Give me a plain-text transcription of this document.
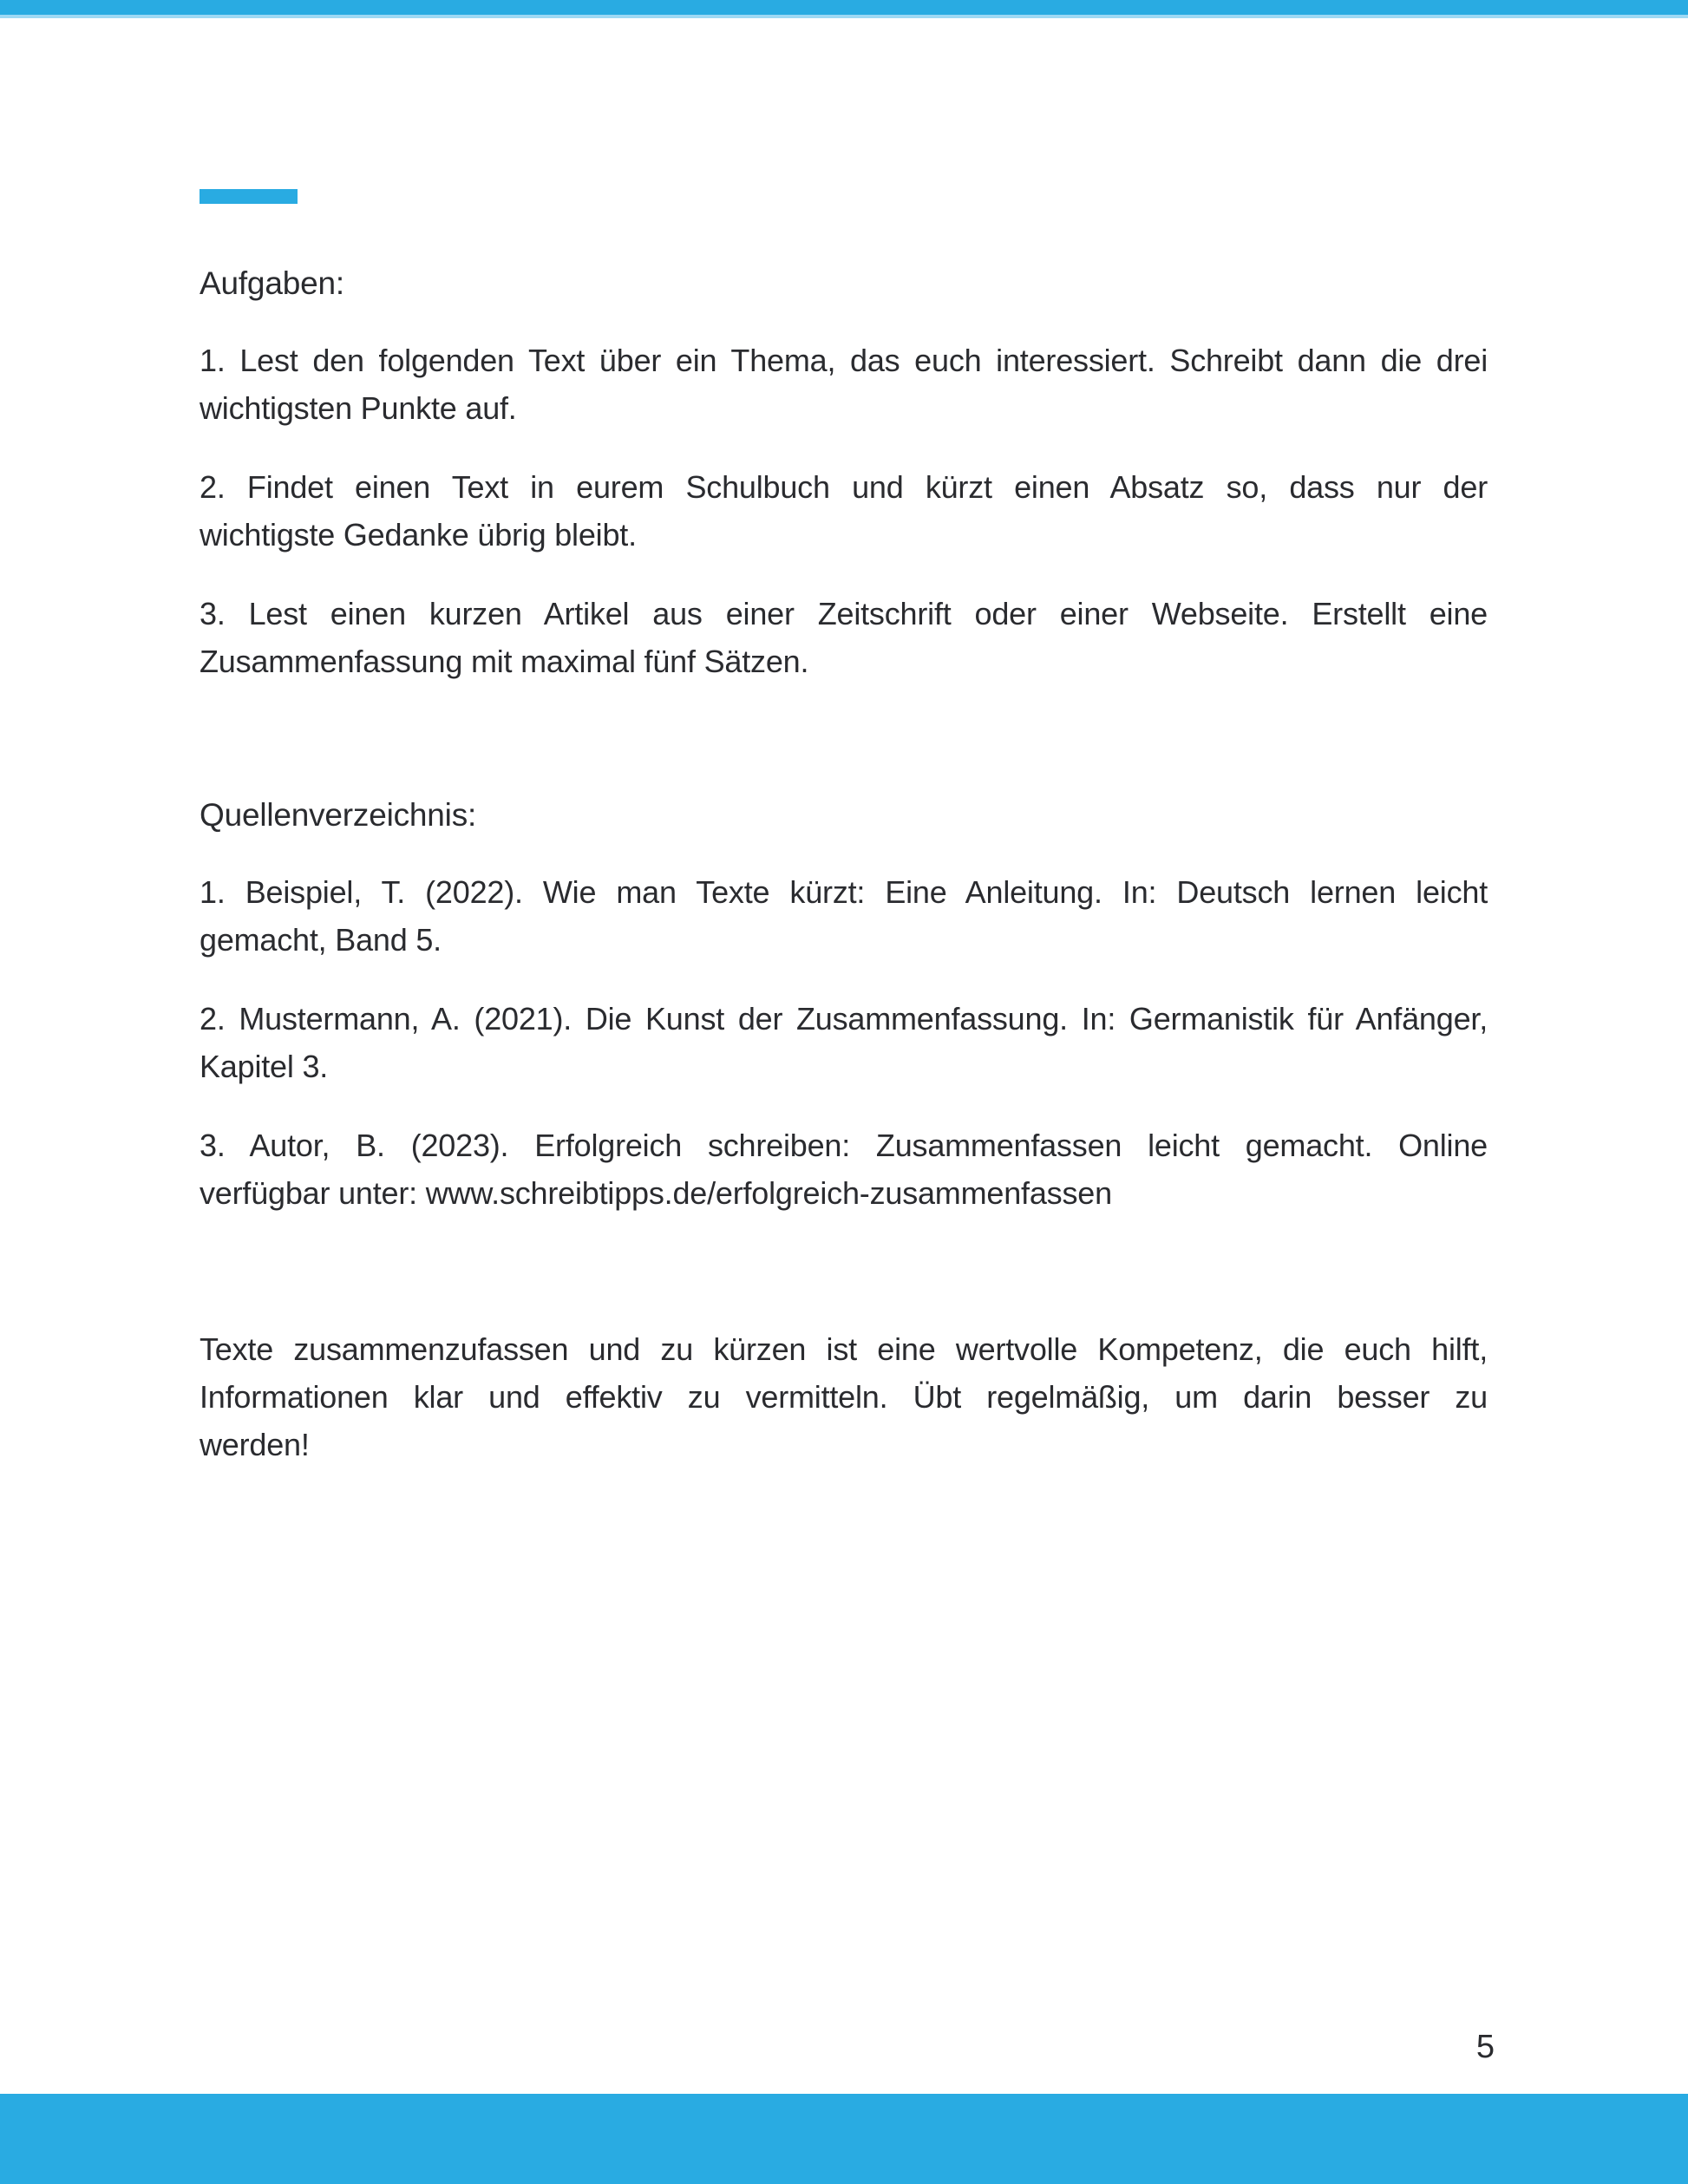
Aufgaben:
1. Lest den folgenden Text über ein Thema, das euch interessiert. Schreibt dann die drei
wichtigsten Punkte auf.
2. Findet einen Text in eurem Schulbuch und kürzt einen Absatz so, dass nur der
wichtigste Gedanke übrig bleibt.
3. Lest einen kurzen Artikel aus einer Zeitschrift oder einer Webseite. Erstellt eine
Zusammenfassung mit maximal fünf Sätzen.
Quellenverzeichnis:
1. Beispiel, T. (2022). Wie man Texte kürzt: Eine Anleitung. In: Deutsch lernen leicht
gemacht, Band 5.
2. Mustermann, A. (2021). Die Kunst der Zusammenfassung. In: Germanistik für Anfänger,
Kapitel 3.
3. Autor, B. (2023). Erfolgreich schreiben: Zusammenfassen leicht gemacht. Online
verfügbar unter: www.schreibtipps.de/erfolgreich-zusammenfassen
Texte zusammenzufassen und zu kürzen ist eine wertvolle Kompetenz, die euch hilft,
Informationen klar und effektiv zu vermitteln. Übt regelmäßig, um darin besser zu
werden!
5
